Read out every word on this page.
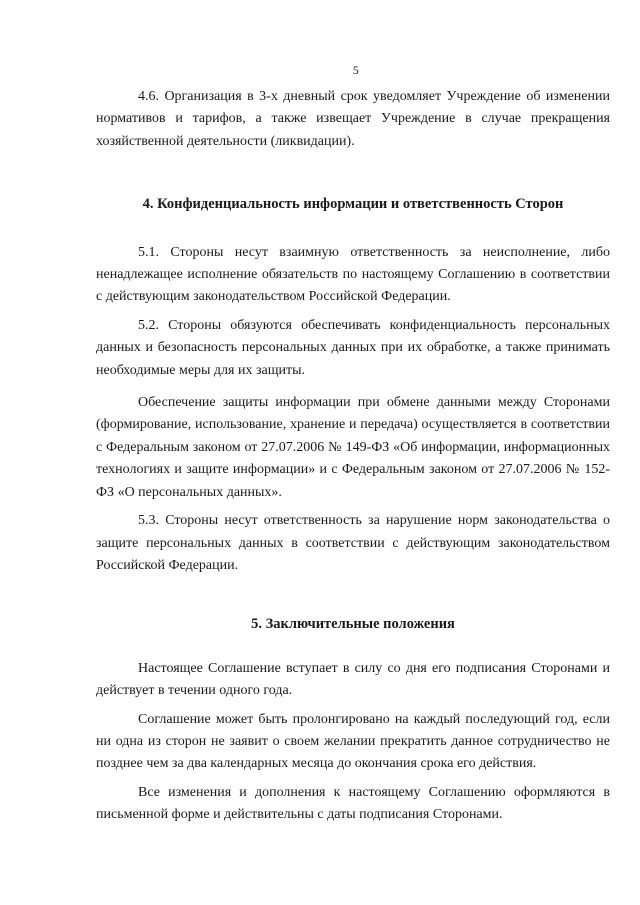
5

4.6. Организация в 3-х дневный срок уведомляет Учреждение об изменении нормативов и тарифов, а также извещает Учреждение в случае прекращения хозяйственной деятельности (ликвидации).

4. Конфиденциальность информации и ответственность Сторон

5.1. Стороны несут взаимную ответственность за неисполнение, либо ненадлежащее исполнение обязательств по настоящему Соглашению в соответствии с действующим законодательством Российской Федерации.

5.2. Стороны обязуются обеспечивать конфиденциальность персональных данных и безопасность персональных данных при их обработке, а также принимать необходимые меры для их защиты.

Обеспечение защиты информации при обмене данными между Сторонами (формирование, использование, хранение и передача) осуществляется в соответствии с Федеральным законом от 27.07.2006 № 149-ФЗ «Об информации, информационных технологиях и защите информации» и с Федеральным законом от 27.07.2006 № 152-ФЗ «О персональных данных».

5.3. Стороны несут ответственность за нарушение норм законодательства о защите персональных данных в соответствии с действующим законодательством Российской Федерации.

5. Заключительные положения

Настоящее Соглашение вступает в силу со дня его подписания Сторонами и действует в течении одного года.

Соглашение может быть пролонгировано на каждый последующий год, если ни одна из сторон не заявит о своем желании прекратить данное сотрудничество не позднее чем за два календарных месяца до окончания срока его действия.

Все изменения и дополнения к настоящему Соглашению оформляются в письменной форме и действительны с даты подписания Сторонами.
